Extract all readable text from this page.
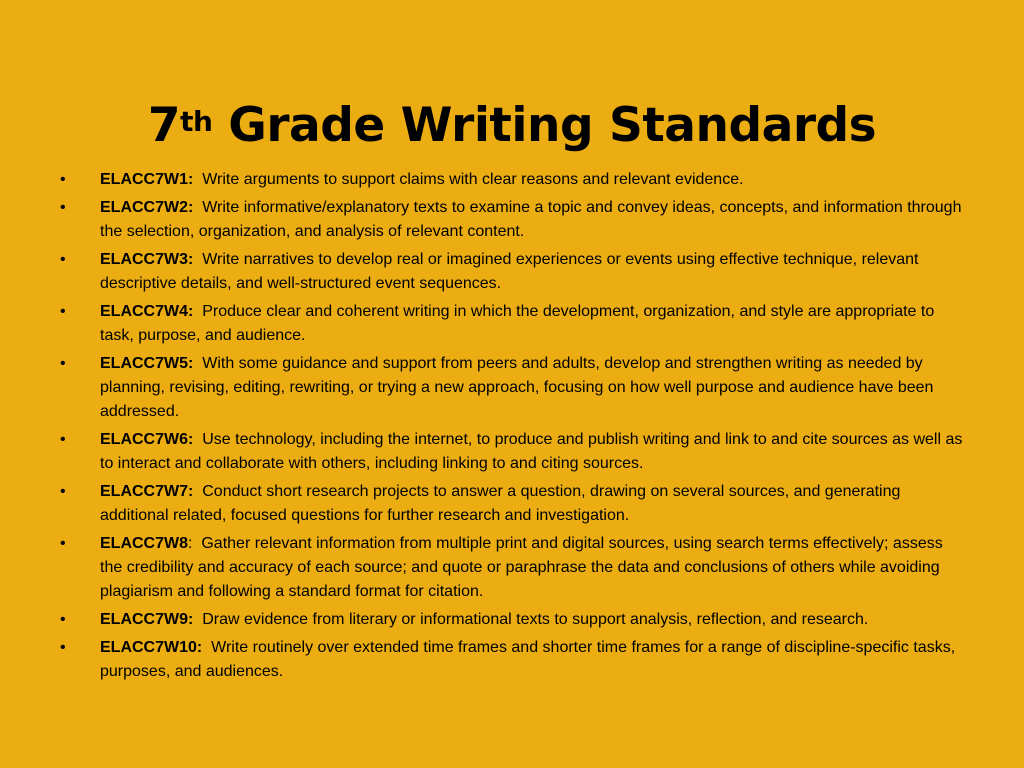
7th Grade Writing Standards
•	ELACC7W1:  Write arguments to support claims with clear reasons and relevant evidence.
•	ELACC7W2:  Write informative/explanatory texts to examine a topic and convey ideas, concepts, and information through the selection, organization, and analysis of relevant content.
•	ELACC7W3:  Write narratives to develop real or imagined experiences or events using effective technique, relevant descriptive details, and well-structured event sequences.
•	ELACC7W4:  Produce clear and coherent writing in which the development, organization, and style are appropriate to task, purpose, and audience.
•	ELACC7W5:  With some guidance and support from peers and adults, develop and strengthen writing as needed by planning, revising, editing, rewriting, or trying a new approach, focusing on how well purpose and audience have been addressed.
•	ELACC7W6:  Use technology, including the internet, to produce and publish writing and link to and cite sources as well as to interact and collaborate with others, including linking to and citing sources.
•	ELACC7W7:  Conduct short research projects to answer a question, drawing on several sources, and generating additional related, focused questions for further research and investigation.
•	ELACC7W8:  Gather relevant information from multiple print and digital sources, using search terms effectively; assess the credibility and accuracy of each source; and quote or paraphrase the data and conclusions of others while avoiding plagiarism and following a standard format for citation.
•	ELACC7W9:  Draw evidence from literary or informational texts to support analysis, reflection, and research.
•	ELACC7W10:  Write routinely over extended time frames and shorter time frames for a range of discipline-specific tasks, purposes, and audiences.
